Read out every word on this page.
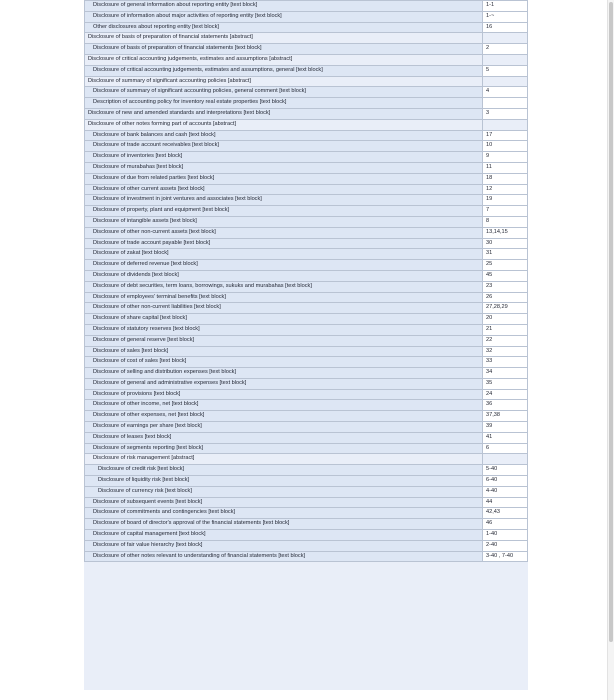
Disclosure of general information about reporting entity [text block]	1-1
Disclosure of information about major activities of reporting entity [text block]	1-~
Other disclosures about reporting entity [text block]	16
Disclosure of basis of preparation of financial statements [abstract]	
Disclosure of basis of preparation of financial statements [text block]	2
Disclosure of critical accounting judgements, estimates and assumptions [abstract]	
Disclosure of critical accounting judgements, estimates and assumptions, general [text block]	5
Disclosure of summary of significant accounting policies [abstract]	
Disclosure of summary of significant accounting policies, general comment [text block]	4
Description of accounting policy for inventory real estate properties [text block]	
Disclosure of new and amended standards and interpretations [text block]	3
Disclosure of other notes forming part of accounts [abstract]	
Disclosure of bank balances and cash [text block]	17
Disclosure of trade account receivables [text block]	10
Disclosure of inventories [text block]	9
Disclosure of murabahas [text block]	11
Disclosure of due from related parties [text block]	18
Disclosure of other current assets [text block]	12
Disclosure of investment in joint ventures and associates [text block]	19
Disclosure of property, plant and equipment [text block]	7
Disclosure of intangible assets [text block]	8
Disclosure of other non-current assets [text block]	13,14,15
Disclosure of trade account payable [text block]	30
Disclosure of zakat [text block]	31
Disclosure of deferred revenue [text block]	25
Disclosure of dividends [text block]	45
Disclosure of debt securities, term loans, borrowings, sukuks and murabahas [text block]	23
Disclosure of employees' terminal benefits [text block]	26
Disclosure of other non-current liabilities [text block]	27,28,29
Disclosure of share capital [text block]	20
Disclosure of statutory reserves [text block]	21
Disclosure of general reserve [text block]	22
Disclosure of sales [text block]	32
Disclosure of cost of sales [text block]	33
Disclosure of selling and distribution expenses [text block]	34
Disclosure of general and administrative expenses [text block]	35
Disclosure of provisions [text block]	24
Disclosure of other income, net [text block]	36
Disclosure of other expenses, net [text block]	37,38
Disclosure of earnings per share [text block]	39
Disclosure of leases [text block]	41
Disclosure of segments reporting [text block]	6
Disclosure of risk management [abstract]	
Disclosure of credit risk [text block]	5-40
Disclosure of liquidity risk [text block]	6-40
Disclosure of currency risk [text block]	4-40
Disclosure of subsequent events [text block]	44
Disclosure of commitments and contingencies [text block]	42,43
Disclosure of board of director's approval of the financial statements [text block]	46
Disclosure of capital management [text block]	1-40
Disclosure of fair value hierarchy [text block]	2-40
Disclosure of other notes relevant to understanding of financial statements [text block]	3-40 , 7-40
